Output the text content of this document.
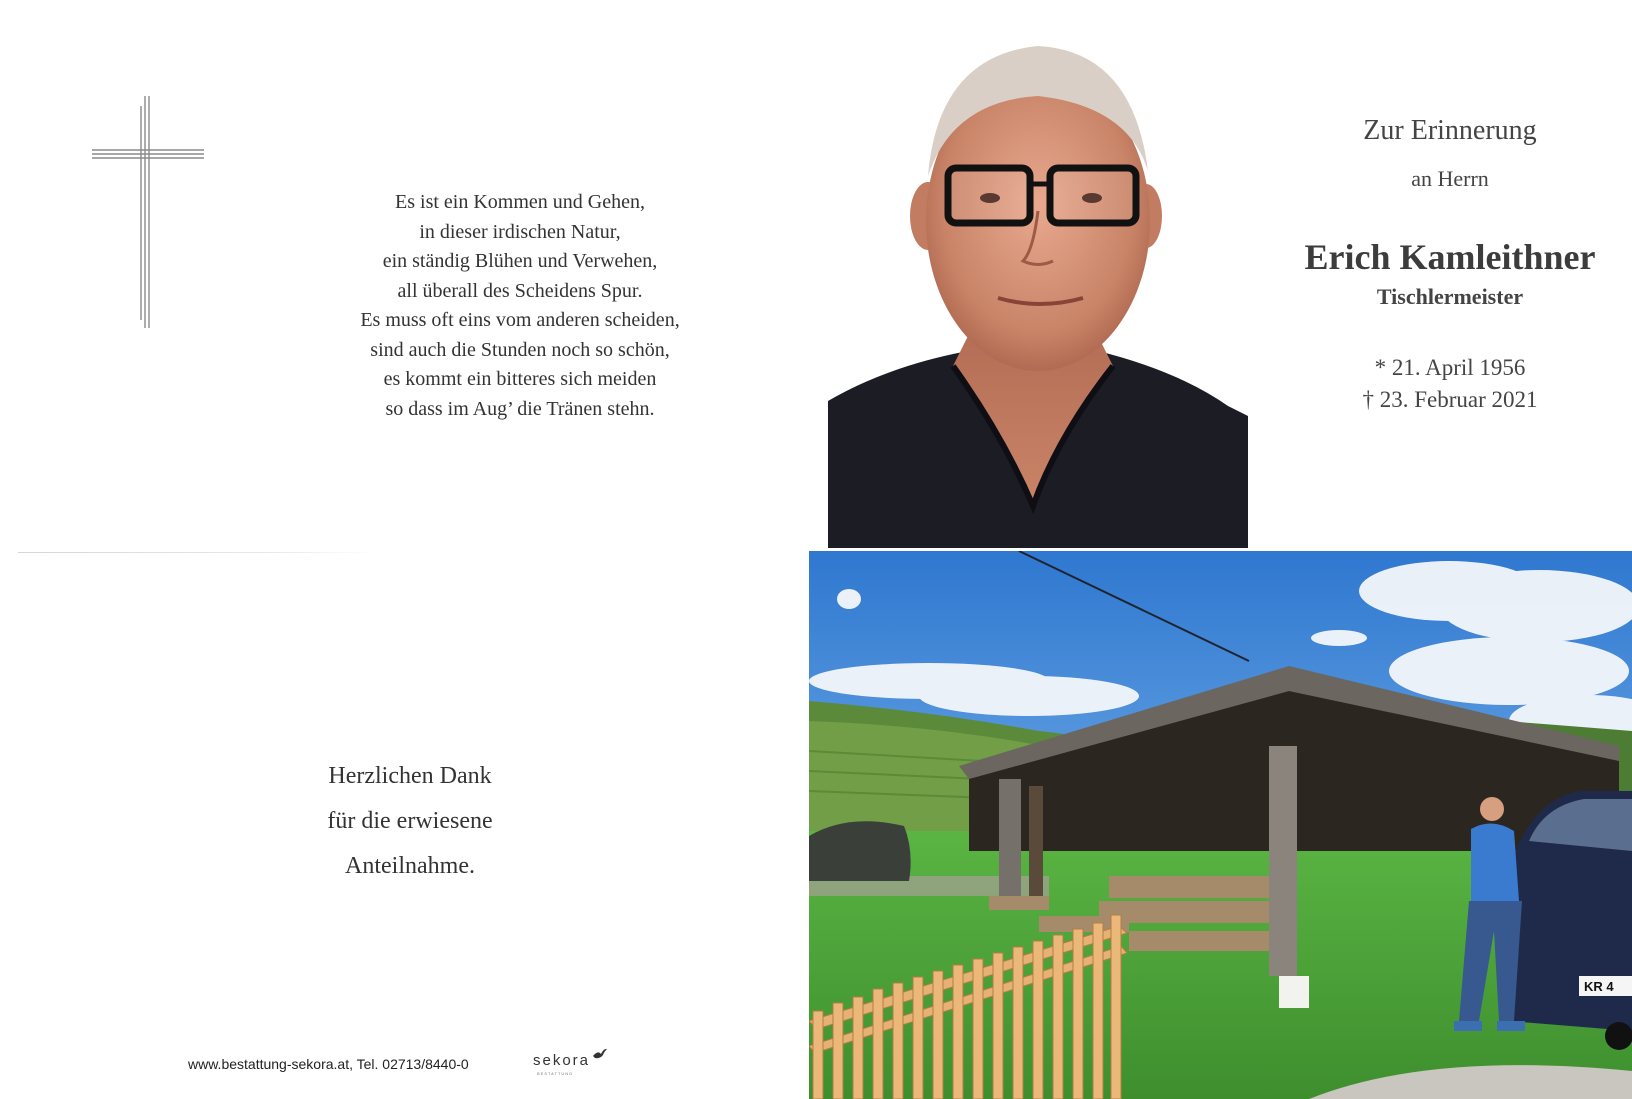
Es ist ein Kommen und Gehen,
in dieser irdischen Natur,
ein ständig Blühen und Verwehen,
all überall des Scheidens Spur.
Es muss oft eins vom anderen scheiden,
sind auch die Stunden noch so schön,
es kommt ein bitteres sich meiden
so dass im Aug’ die Tränen stehn.
Herzlichen Dank
für die erwiesene
Anteilnahme.
www.bestattung-sekora.at, Tel. 02713/8440-0	sekora
BESTATTUNG
Zur Erinnerung
an Herrn
Erich Kamleithner
Tischlermeister
* 21. April 1956
† 23. Februar 2021
KR 4
